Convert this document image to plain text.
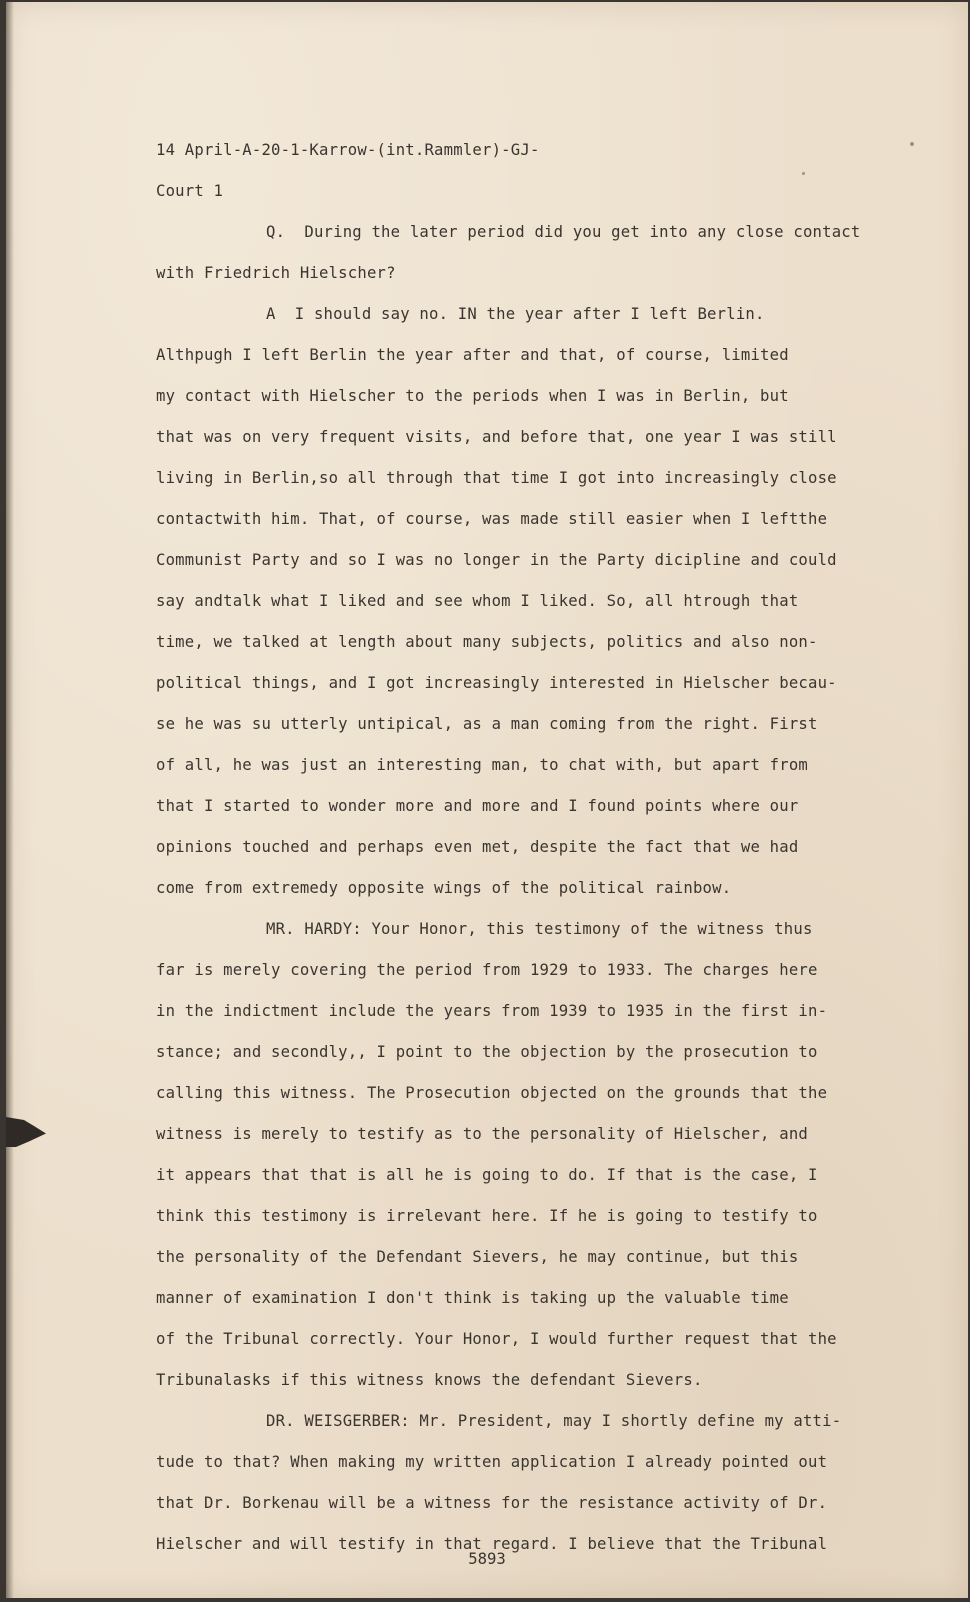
14 April-A-20-1-Karrow-(int.Rammler)-GJ-
Court 1
Q.  During the later period did you get into any close contact
with Friedrich Hielscher?
A  I should say no. IN the year after I left Berlin.
Althpugh I left Berlin the year after and that, of course, limited
my contact with Hielscher to the periods when I was in Berlin, but
that was on very frequent visits, and before that, one year I was still
living in Berlin,so all through that time I got into increasingly close
contactwith him. That, of course, was made still easier when I leftthe
Communist Party and so I was no longer in the Party dicipline and could
say andtalk what I liked and see whom I liked. So, all htrough that
time, we talked at length about many subjects, politics and also non-
political things, and I got increasingly interested in Hielscher becau-
se he was su utterly untipical, as a man coming from the right. First
of all, he was just an interesting man, to chat with, but apart from
that I started to wonder more and more and I found points where our
opinions touched and perhaps even met, despite the fact that we had
come from extremedy opposite wings of the political rainbow.
MR. HARDY: Your Honor, this testimony of the witness thus
far is merely covering the period from 1929 to 1933. The charges here
in the indictment include the years from 1939 to 1935 in the first in-
stance; and secondly,, I point to the objection by the prosecution to
calling this witness. The Prosecution objected on the grounds that the
witness is merely to testify as to the personality of Hielscher, and
it appears that that is all he is going to do. If that is the case, I
think this testimony is irrelevant here. If he is going to testify to
the personality of the Defendant Sievers, he may continue, but this
manner of examination I don't think is taking up the valuable time
of the Tribunal correctly. Your Honor, I would further request that the
Tribunalasks if this witness knows the defendant Sievers.
DR. WEISGERBER: Mr. President, may I shortly define my atti-
tude to that? When making my written application I already pointed out
that Dr. Borkenau will be a witness for the resistance activity of Dr.
Hielscher and will testify in that regard. I believe that the Tribunal
5893
